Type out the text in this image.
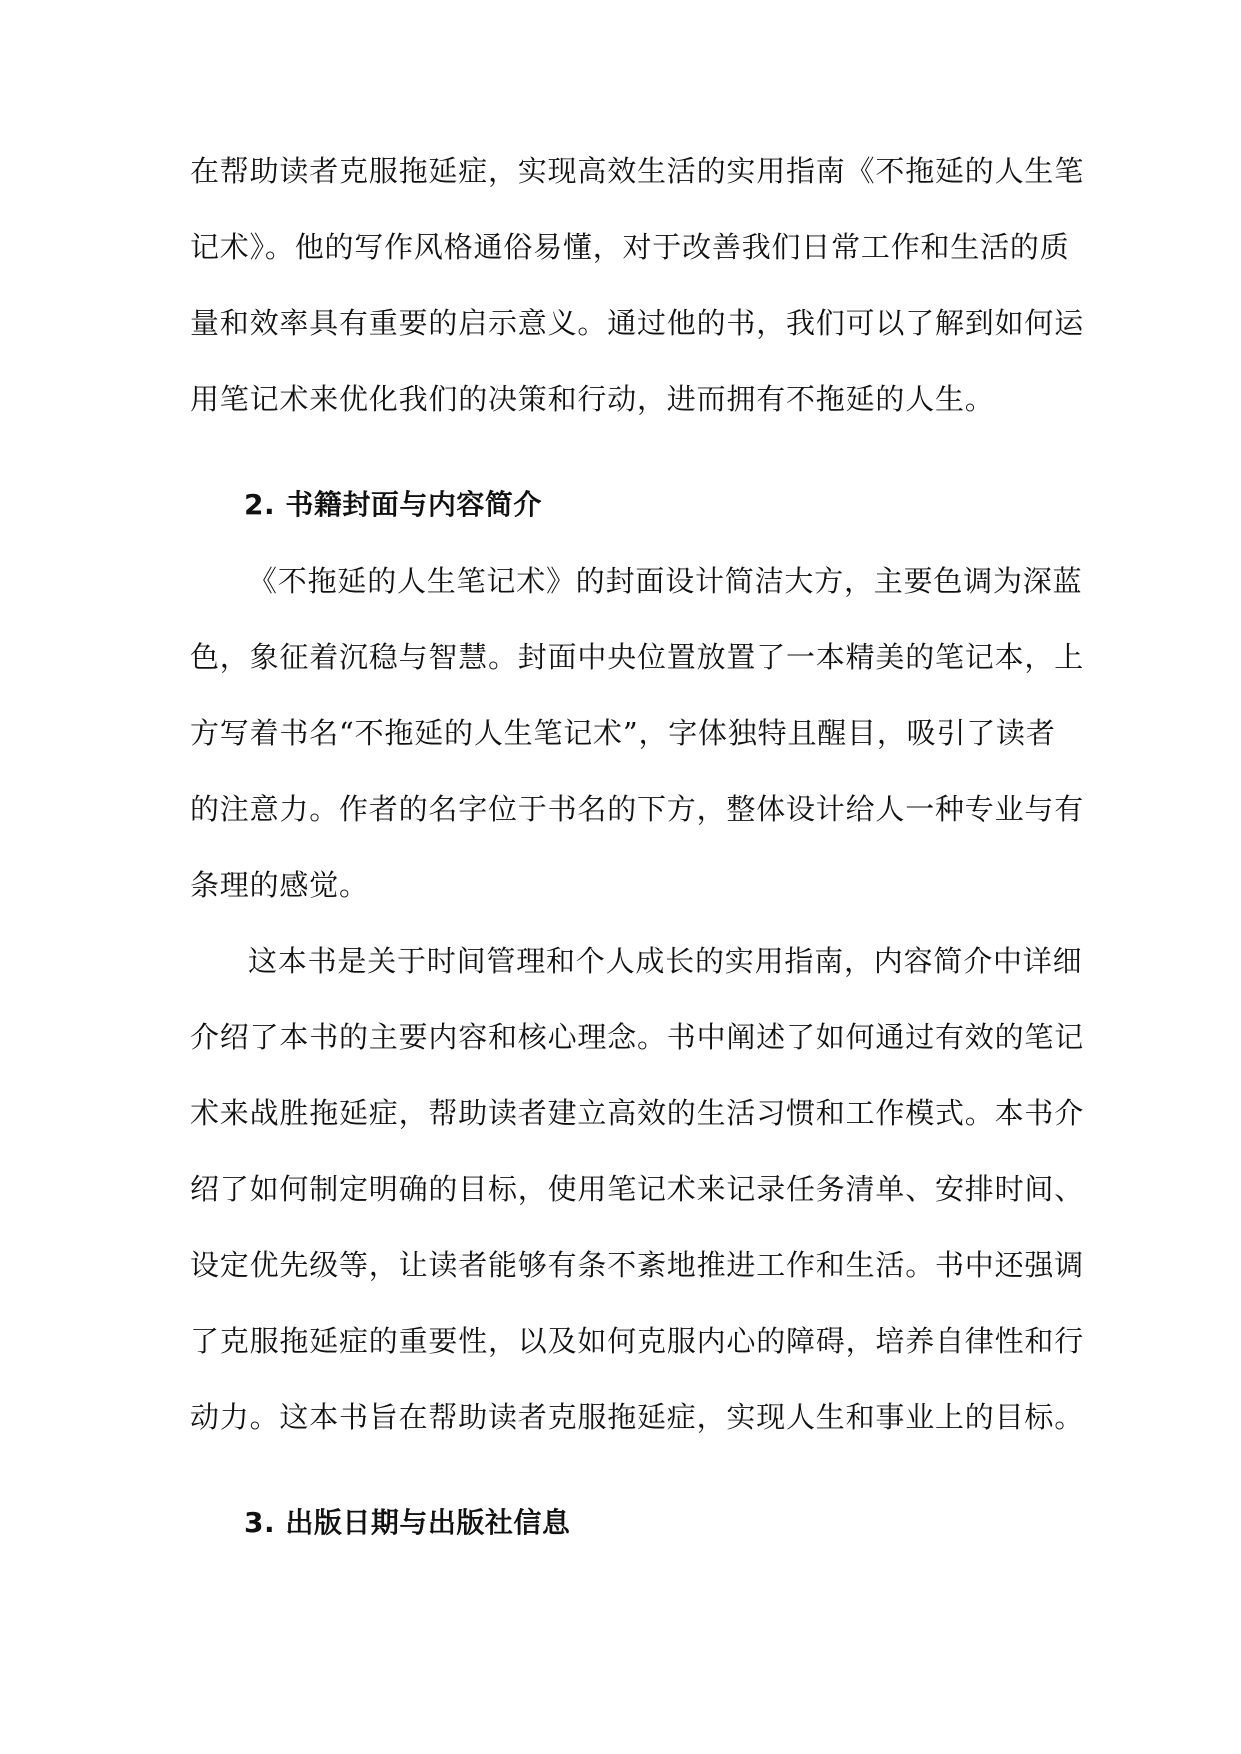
在帮助读者克服拖延症，实现高效生活的实用指南《不拖延的人生笔
记术》。他的写作风格通俗易懂，对于改善我们日常工作和生活的质
量和效率具有重要的启示意义。通过他的书，我们可以了解到如何运
用笔记术来优化我们的决策和行动，进而拥有不拖延的人生。
2. 书籍封面与内容简介
《不拖延的人生笔记术》的封面设计简洁大方，主要色调为深蓝
色，象征着沉稳与智慧。封面中央位置放置了一本精美的笔记本，上
方写着书名“不拖延的人生笔记术”，字体独特且醒目，吸引了读者
的注意力。作者的名字位于书名的下方，整体设计给人一种专业与有
条理的感觉。
这本书是关于时间管理和个人成长的实用指南，内容简介中详细
介绍了本书的主要内容和核心理念。书中阐述了如何通过有效的笔记
术来战胜拖延症，帮助读者建立高效的生活习惯和工作模式。本书介
绍了如何制定明确的目标，使用笔记术来记录任务清单、安排时间、
设定优先级等，让读者能够有条不紊地推进工作和生活。书中还强调
了克服拖延症的重要性，以及如何克服内心的障碍，培养自律性和行
动力。这本书旨在帮助读者克服拖延症，实现人生和事业上的目标。
3. 出版日期与出版社信息
